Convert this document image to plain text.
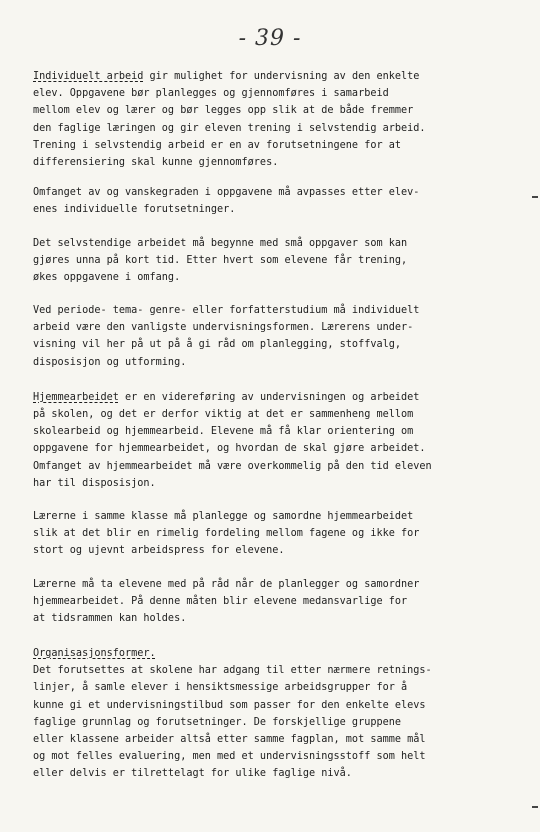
- 39 -

Individuelt arbeid gir mulighet for undervisning av den enkelte
elev. Oppgavene bør planlegges og gjennomføres i samarbeid
mellom elev og lærer og bør legges opp slik at de både fremmer
den faglige læringen og gir eleven trening i selvstendig arbeid.
Trening i selvstendig arbeid er en av forutsetningene for at
differensiering skal kunne gjennomføres.

Omfanget av og vanskegraden i oppgavene må avpasses etter elev-
enes individuelle forutsetninger.

Det selvstendige arbeidet må begynne med små oppgaver som kan
gjøres unna på kort tid. Etter hvert som elevene får trening,
økes oppgavene i omfang.

Ved periode- tema- genre- eller forfatterstudium må individuelt
arbeid være den vanligste undervisningsformen. Lærerens under-
visning vil her på ut på å gi råd om planlegging, stoffvalg,
disposisjon og utforming.

Hjemmearbeidet er en videreføring av undervisningen og arbeidet
på skolen, og det er derfor viktig at det er sammenheng mellom
skolearbeid og hjemmearbeid. Elevene må få klar orientering om
oppgavene for hjemmearbeidet, og hvordan de skal gjøre arbeidet.
Omfanget av hjemmearbeidet må være overkommelig på den tid eleven
har til disposisjon.

Lærerne i samme klasse må planlegge og samordne hjemmearbeidet
slik at det blir en rimelig fordeling mellom fagene og ikke for
stort og ujevnt arbeidspress for elevene.

Lærerne må ta elevene med på råd når de planlegger og samordner
hjemmearbeidet. På denne måten blir elevene medansvarlige for
at tidsrammen kan holdes.

Organisasjonsformer.
Det forutsettes at skolene har adgang til etter nærmere retnings-
linjer, å samle elever i hensiktsmessige arbeidsgrupper for å
kunne gi et undervisningstilbud som passer for den enkelte elevs
faglige grunnlag og forutsetninger. De forskjellige gruppene
eller klassene arbeider altså etter samme fagplan, mot samme mål
og mot felles evaluering, men med et undervisningsstoff som helt
eller delvis er tilrettelagt for ulike faglige nivå.
